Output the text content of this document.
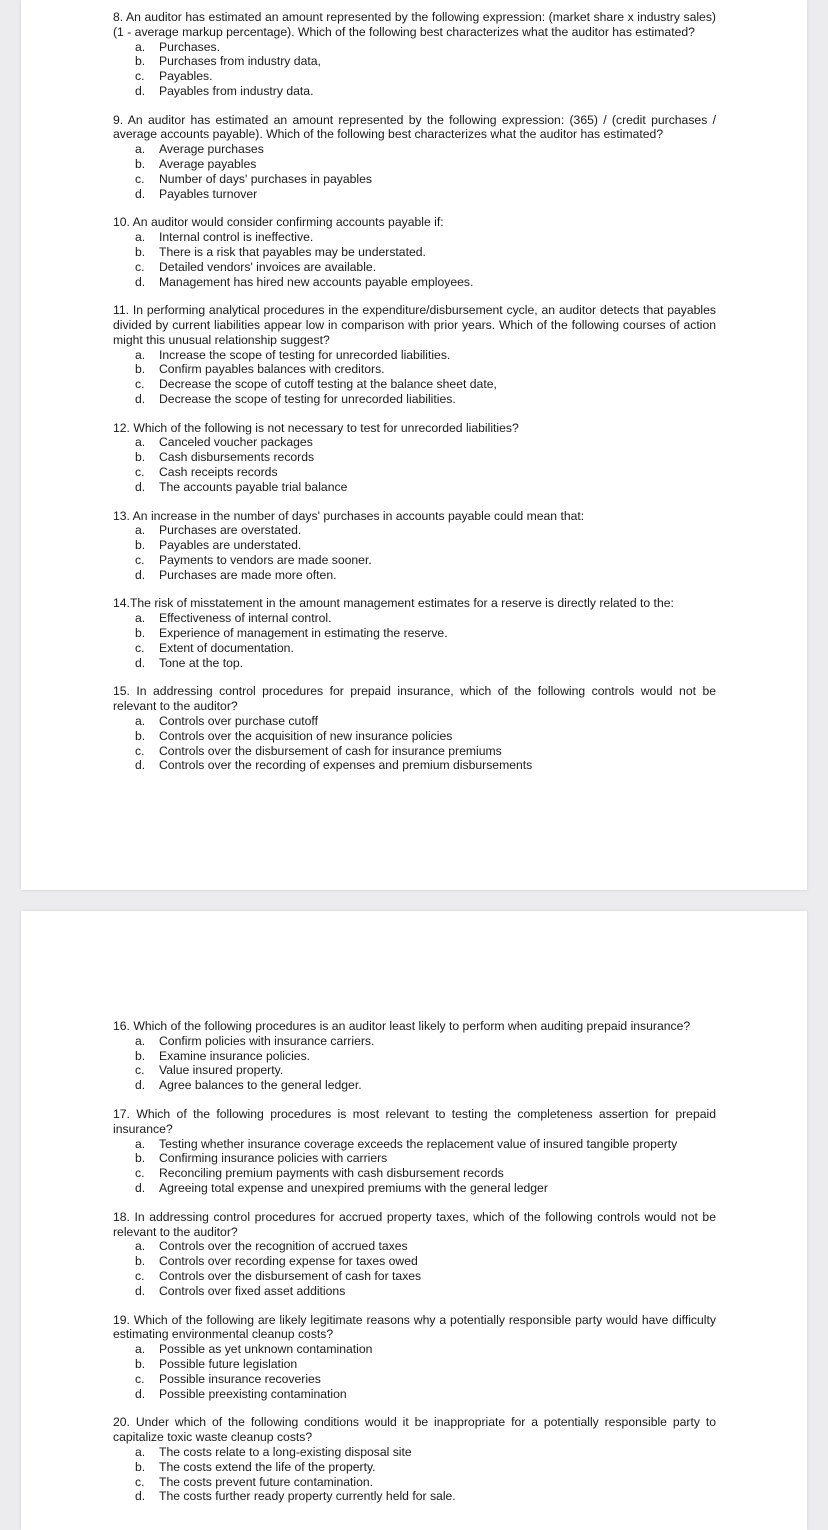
8. An auditor has estimated an amount represented by the following expression: (market share x industry sales) (1 - average markup percentage). Which of the following best characterizes what the auditor has estimated?
a. Purchases.
b. Purchases from industry data,
c. Payables.
d. Payables from industry data.
9. An auditor has estimated an amount represented by the following expression: (365) / (credit purchases / average accounts payable). Which of the following best characterizes what the auditor has estimated?
a. Average purchases
b. Average payables
c. Number of days' purchases in payables
d. Payables turnover
10. An auditor would consider confirming accounts payable if:
a. Internal control is ineffective.
b. There is a risk that payables may be understated.
c. Detailed vendors' invoices are available.
d. Management has hired new accounts payable employees.
11. In performing analytical procedures in the expenditure/disbursement cycle, an auditor detects that payables divided by current liabilities appear low in comparison with prior years. Which of the following courses of action might this unusual relationship suggest?
a. Increase the scope of testing for unrecorded liabilities.
b. Confirm payables balances with creditors.
c. Decrease the scope of cutoff testing at the balance sheet date,
d. Decrease the scope of testing for unrecorded liabilities.
12. Which of the following is not necessary to test for unrecorded liabilities?
a. Canceled voucher packages
b. Cash disbursements records
c. Cash receipts records
d. The accounts payable trial balance
13. An increase in the number of days' purchases in accounts payable could mean that:
a. Purchases are overstated.
b. Payables are understated.
c. Payments to vendors are made sooner.
d. Purchases are made more often.
14.The risk of misstatement in the amount management estimates for a reserve is directly related to the:
a. Effectiveness of internal control.
b. Experience of management in estimating the reserve.
c. Extent of documentation.
d. Tone at the top.
15. In addressing control procedures for prepaid insurance, which of the following controls would not be relevant to the auditor?
a. Controls over purchase cutoff
b. Controls over the acquisition of new insurance policies
c. Controls over the disbursement of cash for insurance premiums
d. Controls over the recording of expenses and premium disbursements
16. Which of the following procedures is an auditor least likely to perform when auditing prepaid insurance?
a. Confirm policies with insurance carriers.
b. Examine insurance policies.
c. Value insured property.
d. Agree balances to the general ledger.
17. Which of the following procedures is most relevant to testing the completeness assertion for prepaid insurance?
a. Testing whether insurance coverage exceeds the replacement value of insured tangible property
b. Confirming insurance policies with carriers
c. Reconciling premium payments with cash disbursement records
d. Agreeing total expense and unexpired premiums with the general ledger
18. In addressing control procedures for accrued property taxes, which of the following controls would not be relevant to the auditor?
a. Controls over the recognition of accrued taxes
b. Controls over recording expense for taxes owed
c. Controls over the disbursement of cash for taxes
d. Controls over fixed asset additions
19. Which of the following are likely legitimate reasons why a potentially responsible party would have difficulty estimating environmental cleanup costs?
a. Possible as yet unknown contamination
b. Possible future legislation
c. Possible insurance recoveries
d. Possible preexisting contamination
20. Under which of the following conditions would it be inappropriate for a potentially responsible party to capitalize toxic waste cleanup costs?
a. The costs relate to a long-existing disposal site
b. The costs extend the life of the property.
c. The costs prevent future contamination.
d. The costs further ready property currently held for sale.
